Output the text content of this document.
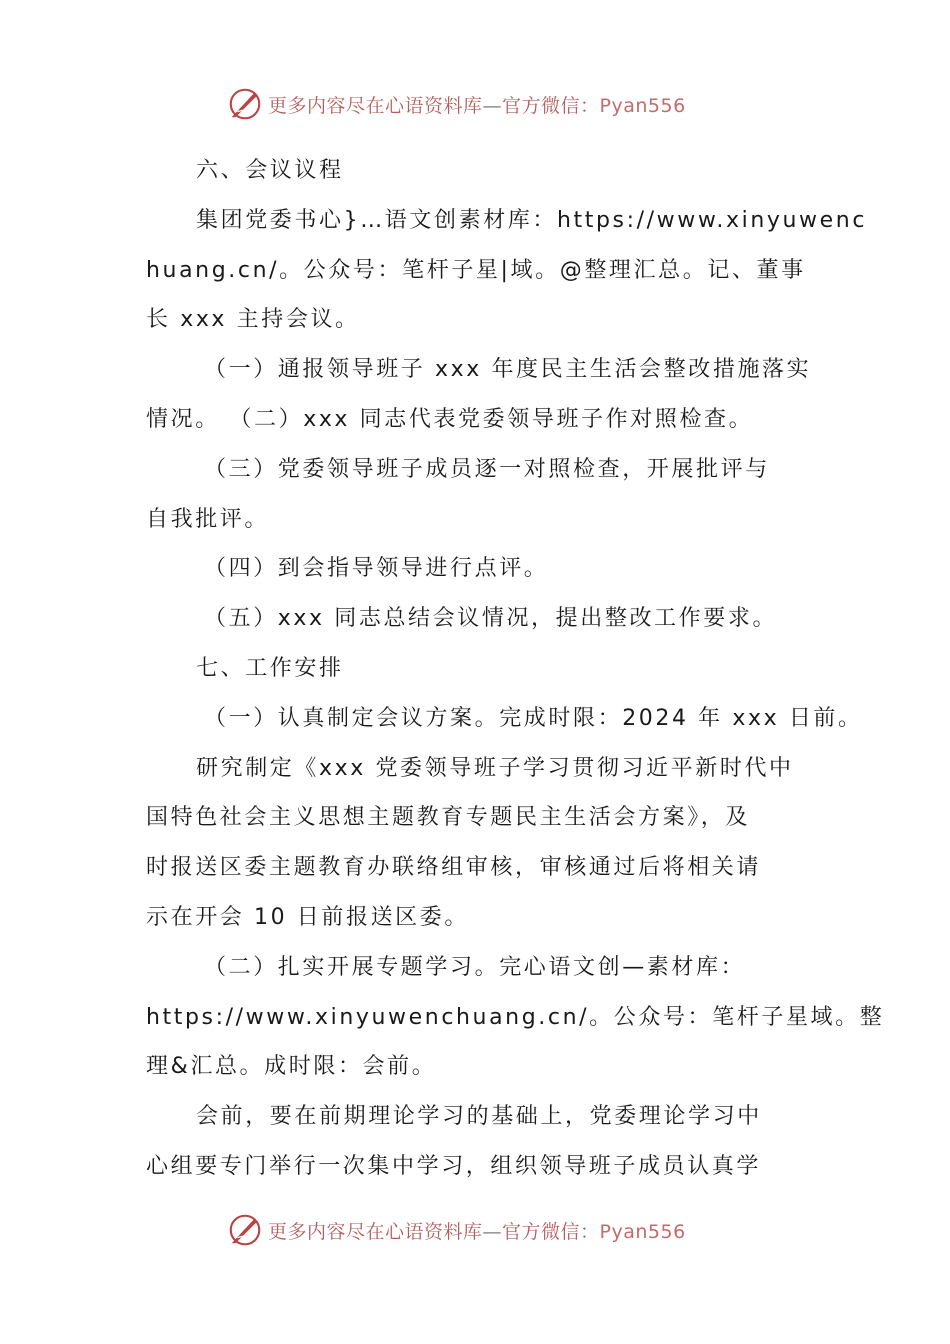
更多内容尽在心语资料库—官方微信：Pyan556
六、会议议程
集团党委书心}…语文创素材库：https://www.xinyuwenc
huang.cn/。公众号：笔杆子星|域。@整理汇总。记、董事
长 xxx 主持会议。
（一）通报领导班子 xxx 年度民主生活会整改措施落实
情况。 （二）xxx 同志代表党委领导班子作对照检查。
（三）党委领导班子成员逐一对照检查，开展批评与
自我批评。
（四）到会指导领导进行点评。
（五）xxx 同志总结会议情况，提出整改工作要求。
七、工作安排
（一）认真制定会议方案。完成时限：2024 年 xxx 日前。
研究制定《xxx 党委领导班子学习贯彻习近平新时代中
国特色社会主义思想主题教育专题民主生活会方案》，及
时报送区委主题教育办联络组审核，审核通过后将相关请
示在开会 10 日前报送区委。
（二）扎实开展专题学习。完心语文创—素材库：
https://www.xinyuwenchuang.cn/。公众号：笔杆子星域。整
理&汇总。成时限：会前。
会前，要在前期理论学习的基础上，党委理论学习中
心组要专门举行一次集中学习，组织领导班子成员认真学
更多内容尽在心语资料库—官方微信：Pyan556
